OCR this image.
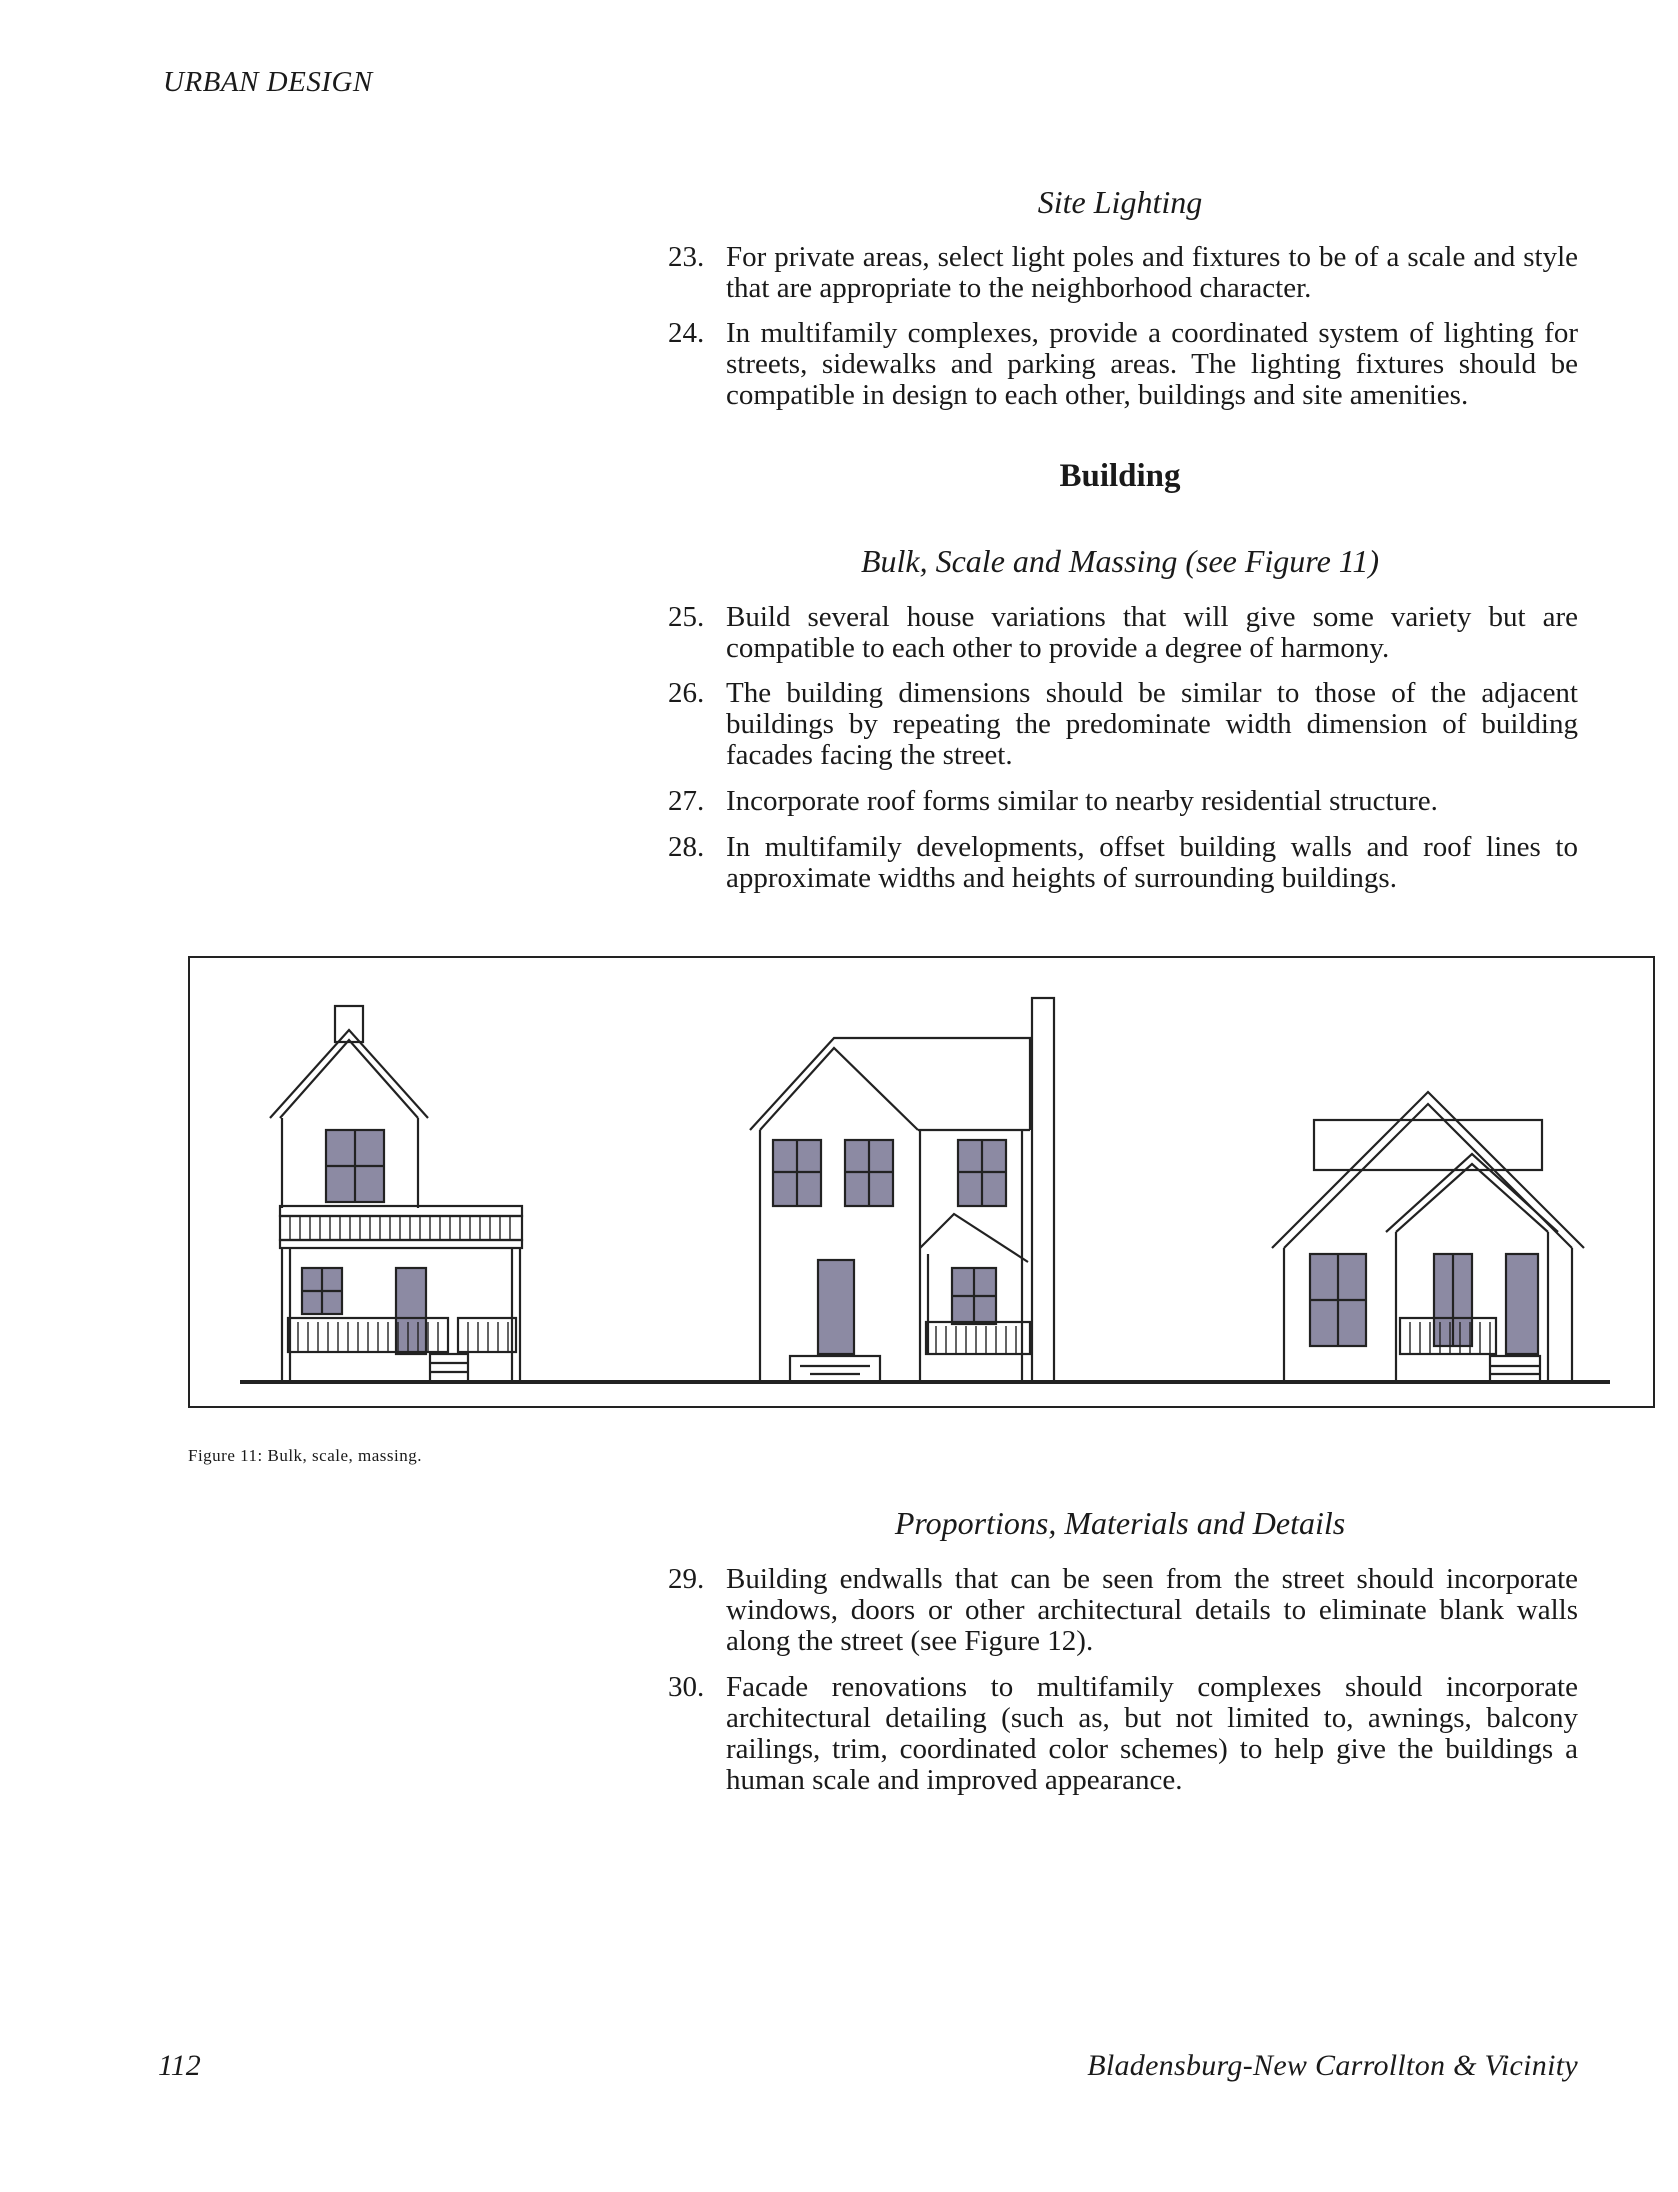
URBAN DESIGN
Site Lighting
23. For private areas, select light poles and fixtures to be of a scale and style that are appropriate to the neighborhood character.
24. In multifamily complexes, provide a coordinated system of lighting for streets, sidewalks and parking areas. The lighting fixtures should be compatible in design to each other, buildings and site amenities.
Building
Bulk, Scale and Massing (see Figure 11)
25. Build several house variations that will give some variety but are compatible to each other to provide a degree of harmony.
26. The building dimensions should be similar to those of the adjacent buildings by repeating the predominate width dimension of building facades facing the street.
27. Incorporate roof forms similar to nearby residential structure.
28. In multifamily developments, offset building walls and roof lines to approximate widths and heights of surrounding buildings.
Figure 11: Bulk, scale, massing.
Proportions, Materials and Details
29. Building endwalls that can be seen from the street should incorporate windows, doors or other architectural details to eliminate blank walls along the street (see Figure 12).
30. Facade renovations to multifamily complexes should incorporate architectural detailing (such as, but not limited to, awnings, balcony railings, trim, coordinated color schemes) to help give the buildings a human scale and improved appearance.
112	Bladensburg-New Carrollton & Vicinity
